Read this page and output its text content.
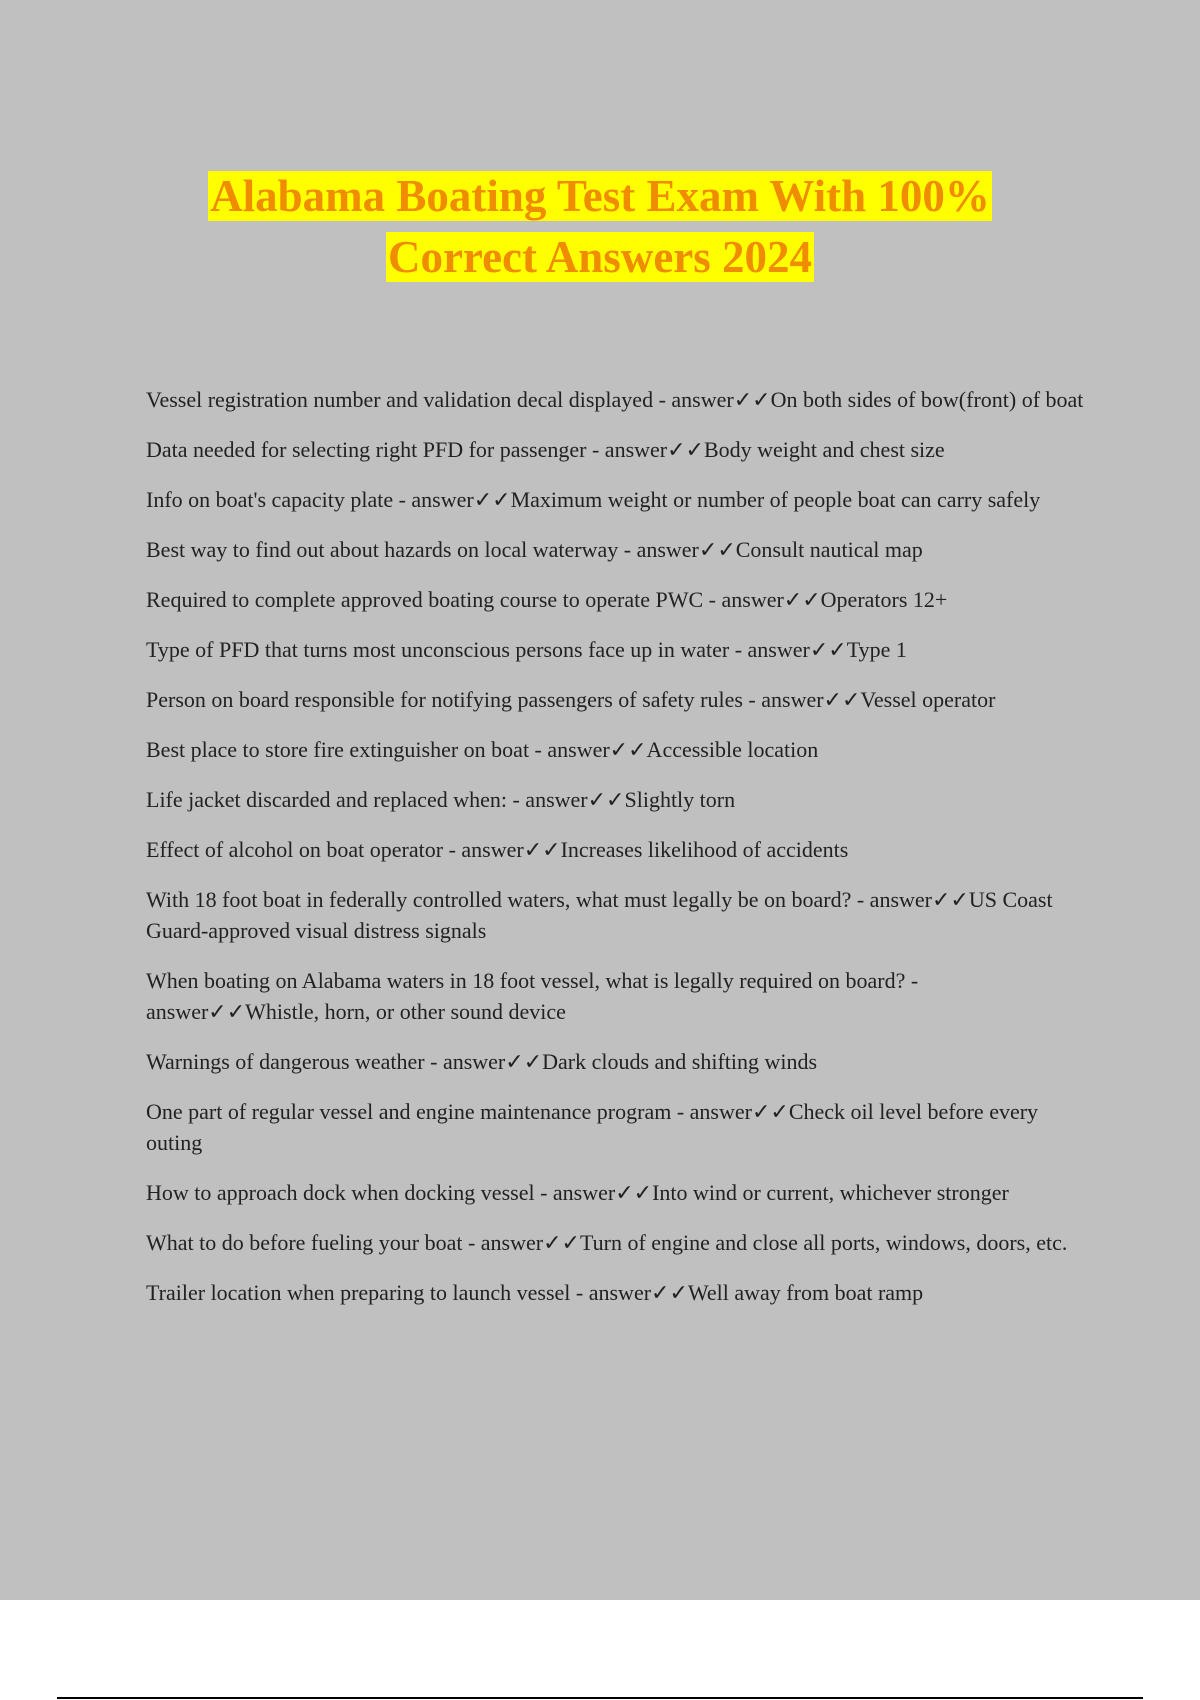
Alabama Boating Test Exam With 100%
Correct Answers 2024
Vessel registration number and validation decal displayed - answer✓✓On both sides of bow(front) of boat
Data needed for selecting right PFD for passenger - answer✓✓Body weight and chest size
Info on boat's capacity plate - answer✓✓Maximum weight or number of people boat can carry safely
Best way to find out about hazards on local waterway - answer✓✓Consult nautical map
Required to complete approved boating course to operate PWC - answer✓✓Operators 12+
Type of PFD that turns most unconscious persons face up in water - answer✓✓Type 1
Person on board responsible for notifying passengers of safety rules - answer✓✓Vessel operator
Best place to store fire extinguisher on boat - answer✓✓Accessible location
Life jacket discarded and replaced when: - answer✓✓Slightly torn
Effect of alcohol on boat operator - answer✓✓Increases likelihood of accidents
With 18 foot boat in federally controlled waters, what must legally be on board? - answer✓✓US Coast Guard-approved visual distress signals
When boating on Alabama waters in 18 foot vessel, what is legally required on board? - answer✓✓Whistle, horn, or other sound device
Warnings of dangerous weather - answer✓✓Dark clouds and shifting winds
One part of regular vessel and engine maintenance program - answer✓✓Check oil level before every outing
How to approach dock when docking vessel - answer✓✓Into wind or current, whichever stronger
What to do before fueling your boat - answer✓✓Turn of engine and close all ports, windows, doors, etc.
Trailer location when preparing to launch vessel - answer✓✓Well away from boat ramp
